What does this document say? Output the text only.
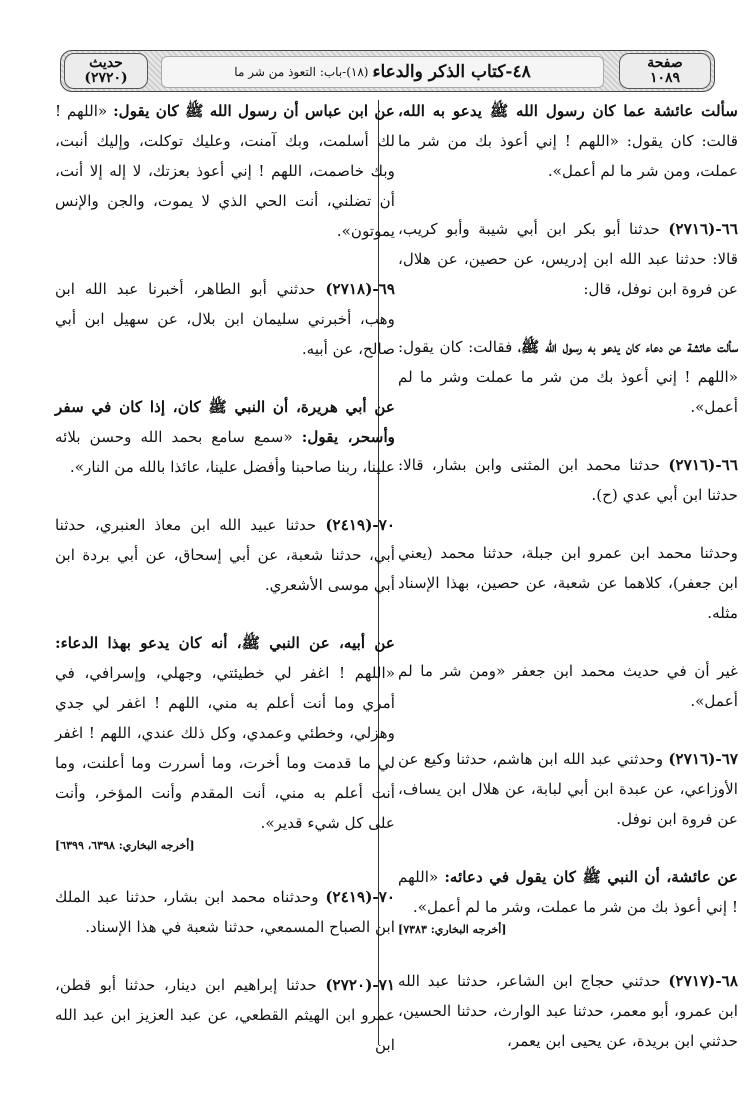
صفحة
١٠٨٩
٤٨-كتاب الذكر والدعاء
(١٨)-باب: التعوذ من شر ما
حديث
(٢٧٢٠)
سألت عائشة عما كان رسول الله ﷺ يدعو به الله، قالت: كان يقول: «اللهم ! إني أعوذ بك من شر ما عملت، ومن شر ما لم أعمل».
٦٦-(٢٧١٦) حدثنا أبو بكر ابن أبي شيبة وأبو كريب، قالا: حدثنا عبد الله ابن إدريس، عن حصين، عن هلال، عن فروة ابن نوفل، قال:
سألت عائشة عن دعاء كان يدعو به رسول الله ﷺ، فقالت: كان يقول: «اللهم ! إني أعوذ بك من شر ما عملت وشر ما لم أعمل».
٦٦-(٢٧١٦) حدثنا محمد ابن المثنى وابن بشار، قالا: حدثنا ابن أبي عدي (ح).
وحدثنا محمد ابن عمرو ابن جبلة، حدثنا محمد (يعني ابن جعفر)، كلاهما عن شعبة، عن حصين، بهذا الإسناد مثله.
غير أن في حديث محمد ابن جعفر «ومن شر ما لم أعمل».
٦٧-(٢٧١٦) وحدثني عبد الله ابن هاشم، حدثنا وكيع عن الأوزاعي، عن عبدة ابن أبي لبابة، عن هلال ابن يساف، عن فروة ابن نوفل.
عن عائشة، أن النبي ﷺ كان يقول في دعائه: «اللهم ! إني أعوذ بك من شر ما عملت، وشر ما لم أعمل».
[أخرجه البخاري: ٧٣٨٣]
٦٨-(٢٧١٧) حدثني حجاج ابن الشاعر، حدثنا عبد الله ابن عمرو، أبو معمر، حدثنا عبد الوارث، حدثنا الحسين، حدثني ابن بريدة، عن يحيى ابن يعمر،
عن ابن عباس أن رسول الله ﷺ كان يقول: «اللهم ! لك أسلمت، وبك آمنت، وعليك توكلت، وإليك أنبت، وبك خاصمت، اللهم ! إني أعوذ بعزتك، لا إله إلا أنت، أن تضلني، أنت الحي الذي لا يموت، والجن والإنس يموتون».
٦٩-(٢٧١٨) حدثني أبو الطاهر، أخبرنا عبد الله ابن وهب، أخبرني سليمان ابن بلال، عن سهيل ابن أبي صالح، عن أبيه.
عن أبي هريرة، أن النبي ﷺ كان، إذا كان في سفر وأسحر، يقول: «سمع سامع بحمد الله وحسن بلائه علينا، ربنا صاحبنا وأفضل علينا، عائذا بالله من النار».
٧٠-(٢٤١٩) حدثنا عبيد الله ابن معاذ العنبري، حدثنا أبي، حدثنا شعبة، عن أبي إسحاق، عن أبي بردة ابن أبي موسى الأشعري.
عن أبيه، عن النبي ﷺ، أنه كان يدعو بهذا الدعاء: «اللهم ! اغفر لي خطيئتي، وجهلي، وإسرافي، في أمري وما أنت أعلم به مني، اللهم ! اغفر لي جدي وهزلي، وخطئي وعمدي، وكل ذلك عندي، اللهم ! اغفر لي ما قدمت وما أخرت، وما أسررت وما أعلنت، وما أنت أعلم به مني، أنت المقدم وأنت المؤخر، وأنت على كل شيء قدير».
[أخرجه البخاري: ٦٣٩٨، ٦٣٩٩]
٧٠-(٢٤١٩) وحدثناه محمد ابن بشار، حدثنا عبد الملك ابن الصباح المسمعي، حدثنا شعبة في هذا الإسناد.
٧١-(٢٧٢٠) حدثنا إبراهيم ابن دينار، حدثنا أبو قطن، عمرو ابن الهيثم القطعي، عن عبد العزيز ابن عبد الله ابن
